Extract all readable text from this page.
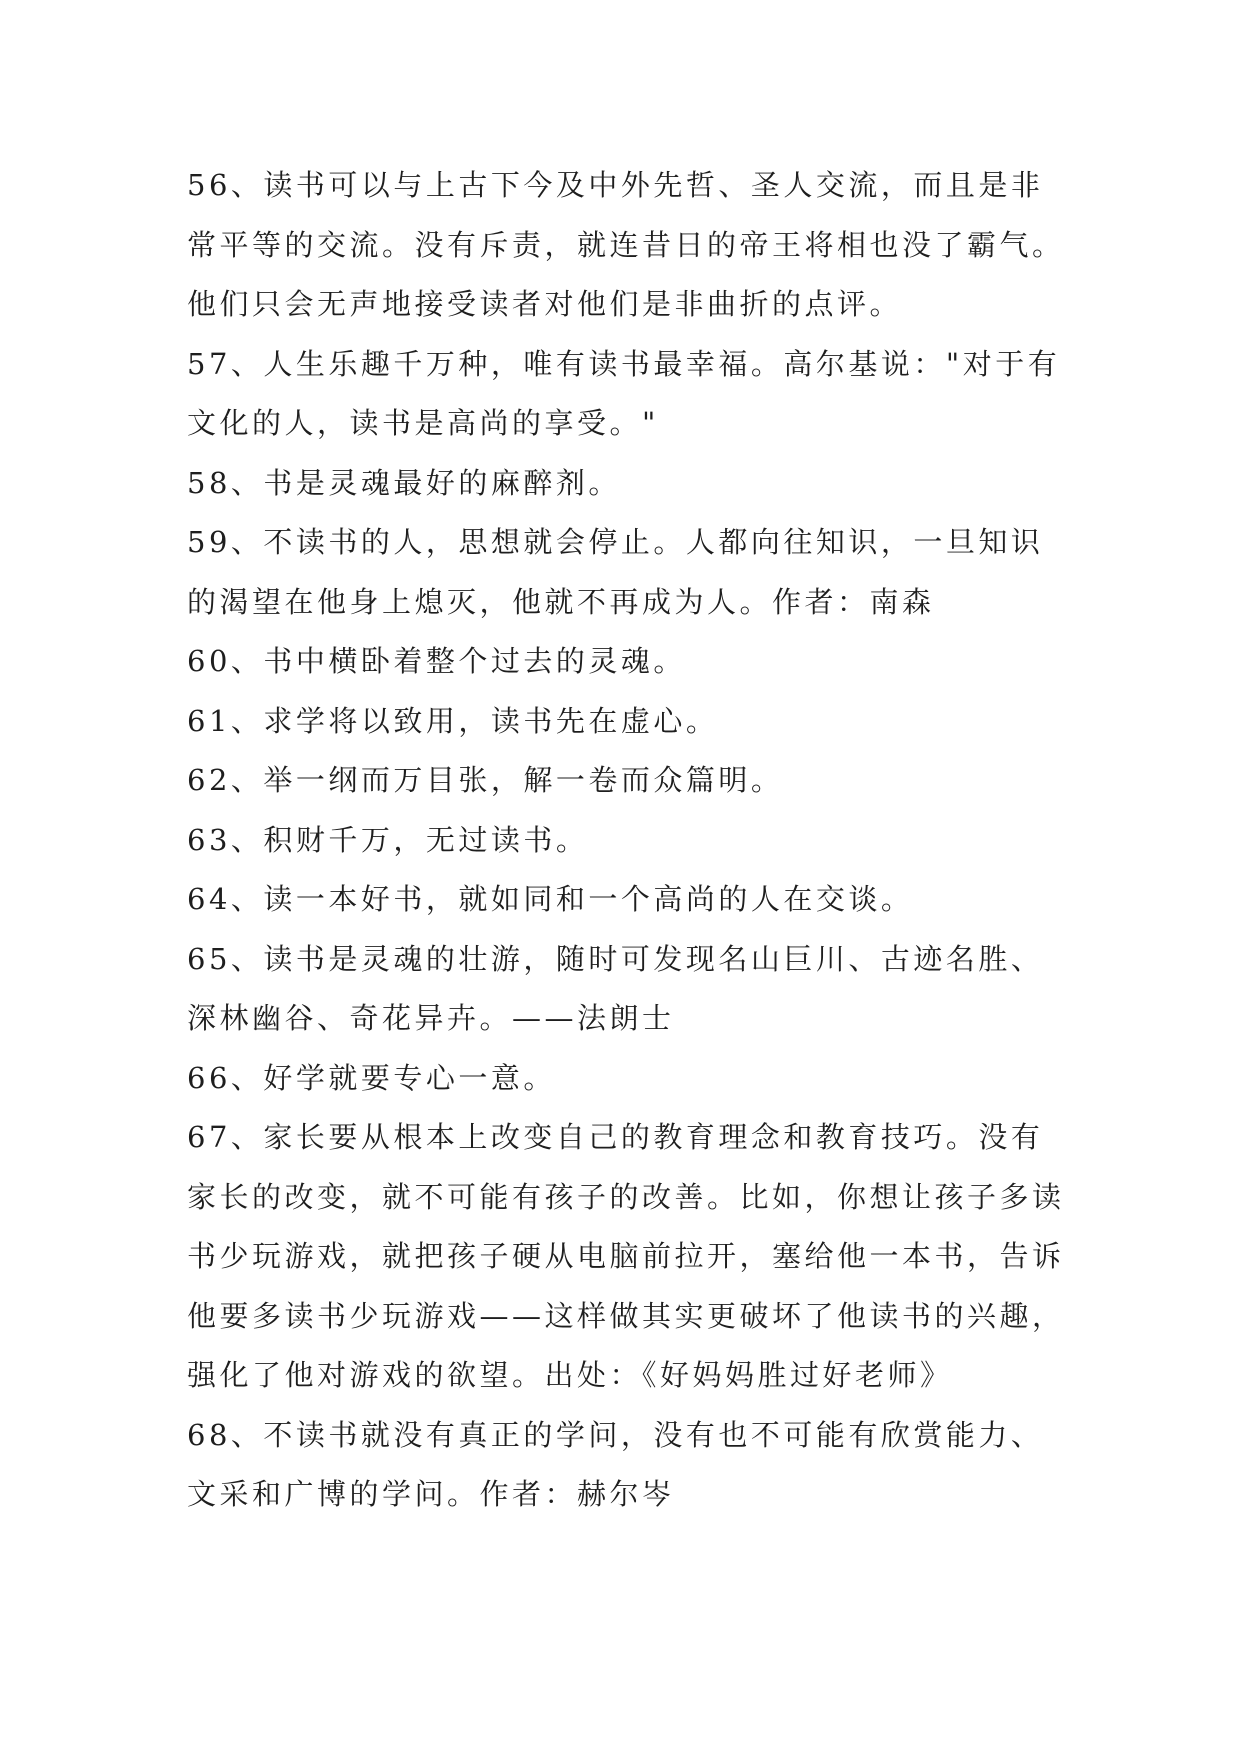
56、读书可以与上古下今及中外先哲、圣人交流，而且是非常平等的交流。没有斥责，就连昔日的帝王将相也没了霸气。他们只会无声地接受读者对他们是非曲折的点评。

57、人生乐趣千万种，唯有读书最幸福。高尔基说："对于有文化的人，读书是高尚的享受。"

58、书是灵魂最好的麻醉剂。

59、不读书的人，思想就会停止。人都向往知识，一旦知识的渴望在他身上熄灭，他就不再成为人。作者：南森

60、书中横卧着整个过去的灵魂。

61、求学将以致用，读书先在虚心。

62、举一纲而万目张，解一卷而众篇明。

63、积财千万，无过读书。

64、读一本好书，就如同和一个高尚的人在交谈。

65、读书是灵魂的壮游，随时可发现名山巨川、古迹名胜、深林幽谷、奇花异卉。——法朗士

66、好学就要专心一意。

67、家长要从根本上改变自己的教育理念和教育技巧。没有家长的改变，就不可能有孩子的改善。比如，你想让孩子多读书少玩游戏，就把孩子硬从电脑前拉开，塞给他一本书，告诉他要多读书少玩游戏——这样做其实更破坏了他读书的兴趣，强化了他对游戏的欲望。出处：《好妈妈胜过好老师》

68、不读书就没有真正的学问，没有也不可能有欣赏能力、文采和广博的学问。作者：赫尔岑
